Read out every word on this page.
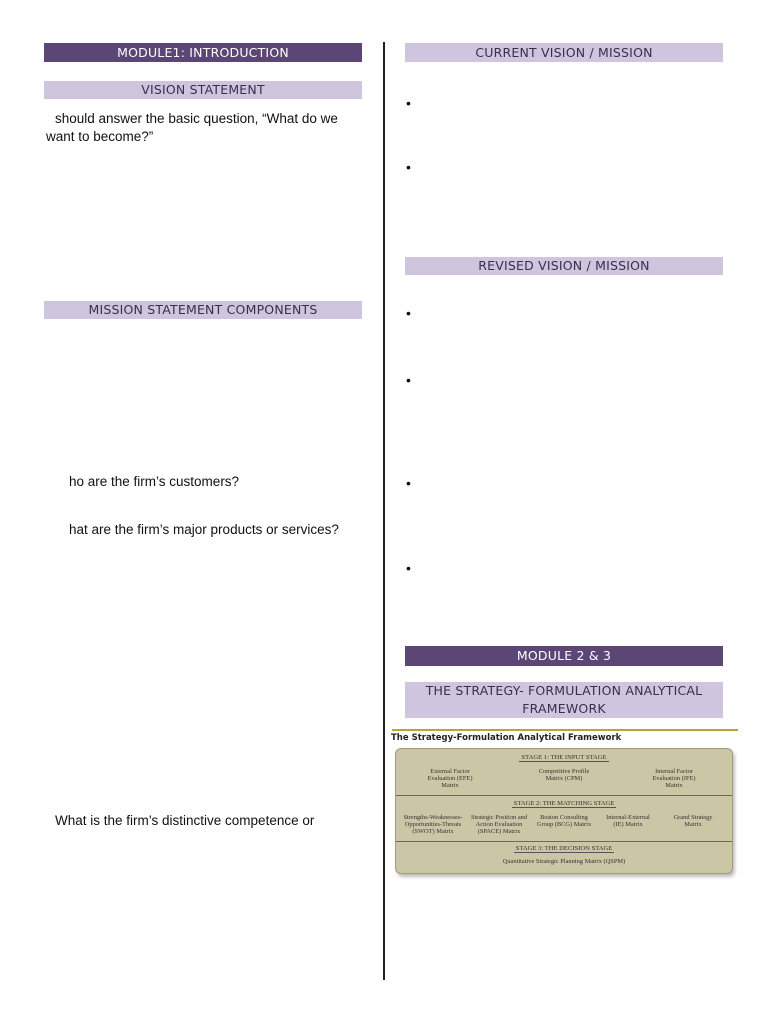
MODULE1: INTRODUCTION
VISION STATEMENT
should answer the basic question, “What do we want to become?”
MISSION STATEMENT COMPONENTS
ho are the firm’s customers?
hat are the firm’s major products or services?
What is the firm’s distinctive competence or
CURRENT VISION / MISSION
•
•
REVISED VISION / MISSION
•
•
•
•
MODULE 2 & 3
THE STRATEGY- FORMULATION ANALYTICAL FRAMEWORK
The Strategy-Formulation Analytical Framework
STAGE 1: THE INPUT STAGE
External Factor Evaluation (EFE) Matrix
Competitive Profile Matrix (CPM)
Internal Factor Evaluation (IFE) Matrix
STAGE 2: THE MATCHING STAGE
Strengths-Weaknesses-Opportunities-Threats (SWOT) Matrix
Strategic Position and Action Evaluation (SPACE) Matrix
Boston Consulting Group (BCG) Matrix
Internal-External (IE) Matrix
Grand Strategy Matrix
STAGE 3: THE DECISION STAGE
Quantitative Strategic Planning Matrix (QSPM)
